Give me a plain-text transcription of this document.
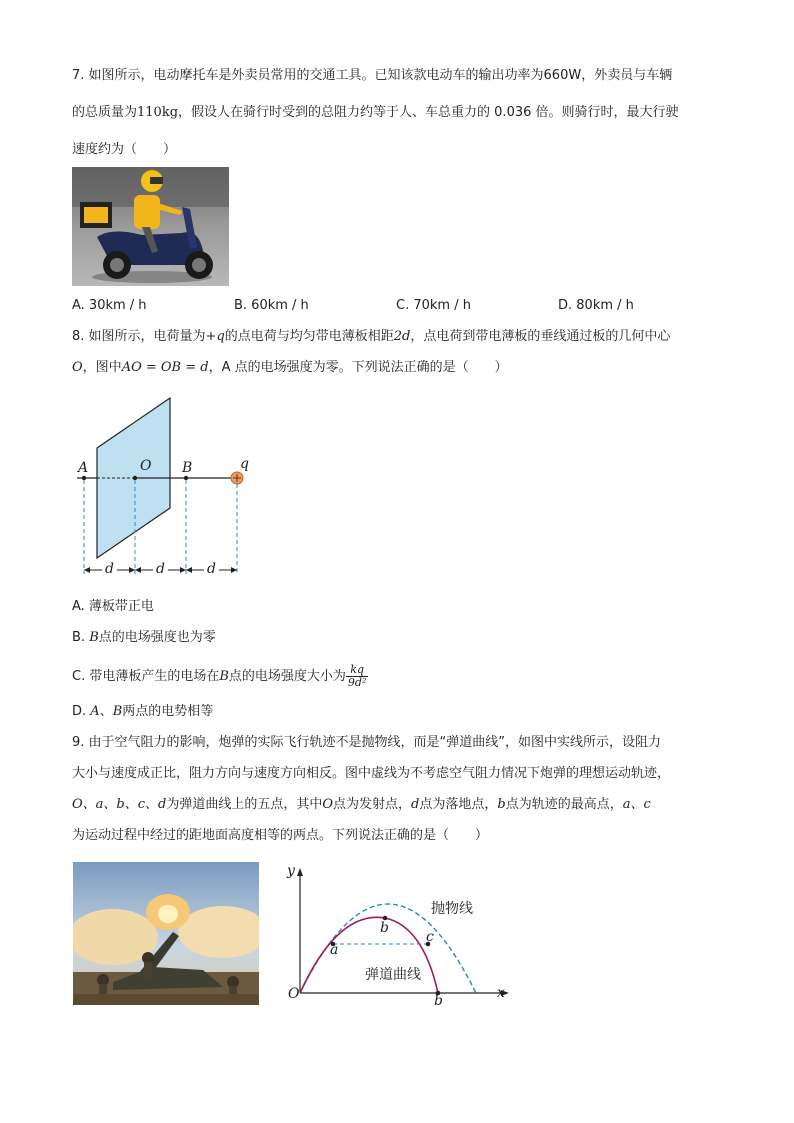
7. 如图所示，电动摩托车是外卖员常用的交通工具。已知该款电动车的输出功率为660W，外卖员与车辆
的总质量为110kg，假设人在骑行时受到的总阻力约等于人、车总重力的 0.036 倍。则骑行时，最大行驶
速度约为（　　）
A. 30km / h	B. 60km / h	C. 70km / h	D. 80km / h
8. 如图所示，电荷量为+q的点电荷与均匀带电薄板相距2d，点电荷到带电薄板的垂线通过板的几何中心
O，图中AO = OB = d，A 点的电场强度为零。下列说法正确的是（　　）
A	O B	q
d	d	d
A. 薄板带正电
B. B点的电场强度也为零
C. 带电薄板产生的电场在B点的电场强度大小为 $\frac{kq}{\text{9d²}}$
D. A、B两点的电势相等
9. 由于空气阻力的影响，炮弹的实际飞行轨迹不是抛物线，而是“弹道曲线”，如图中实线所示，设阻力
大小与速度成正比，阻力方向与速度方向相反。图中虚线为不考虑空气阻力情况下炮弹的理想运动轨迹，
O、a、b、c、d为弹道曲线上的五点，其中O点为发射点，d点为落地点，b点为轨迹的最高点，a、c
为运动过程中经过的距地面高度相等的两点。下列说法正确的是（　　）
y
x
O
抛物线
弹道曲线
a
b
c
b
